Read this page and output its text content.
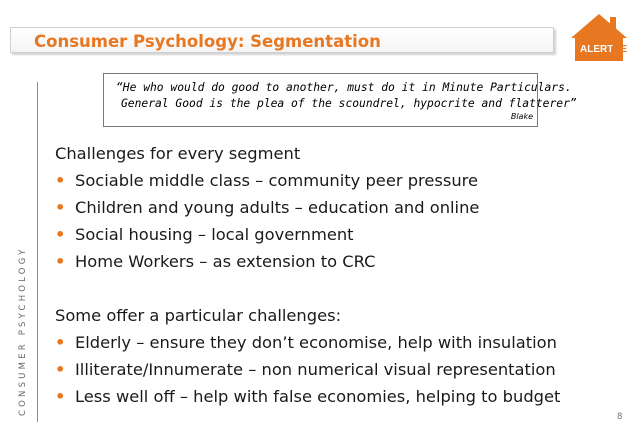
Consumer Psychology: Segmentation	ALERT
ME
“He who would do good to another, must do it in Minute Particulars.
General Good is the plea of the scoundrel, hypocrite and flatterer”
Blake
CONSUMER PSYCHOLOGY
Challenges for every segment
• Sociable middle class – community peer pressure
• Children and young adults – education and online
• Social housing – local government
• Home Workers – as extension to CRC
Some offer a particular challenges:
• Elderly – ensure they don’t economise, help with insulation
• Illiterate/Innumerate – non numerical visual representation
• Less well off – help with false economies, helping to budget
8
